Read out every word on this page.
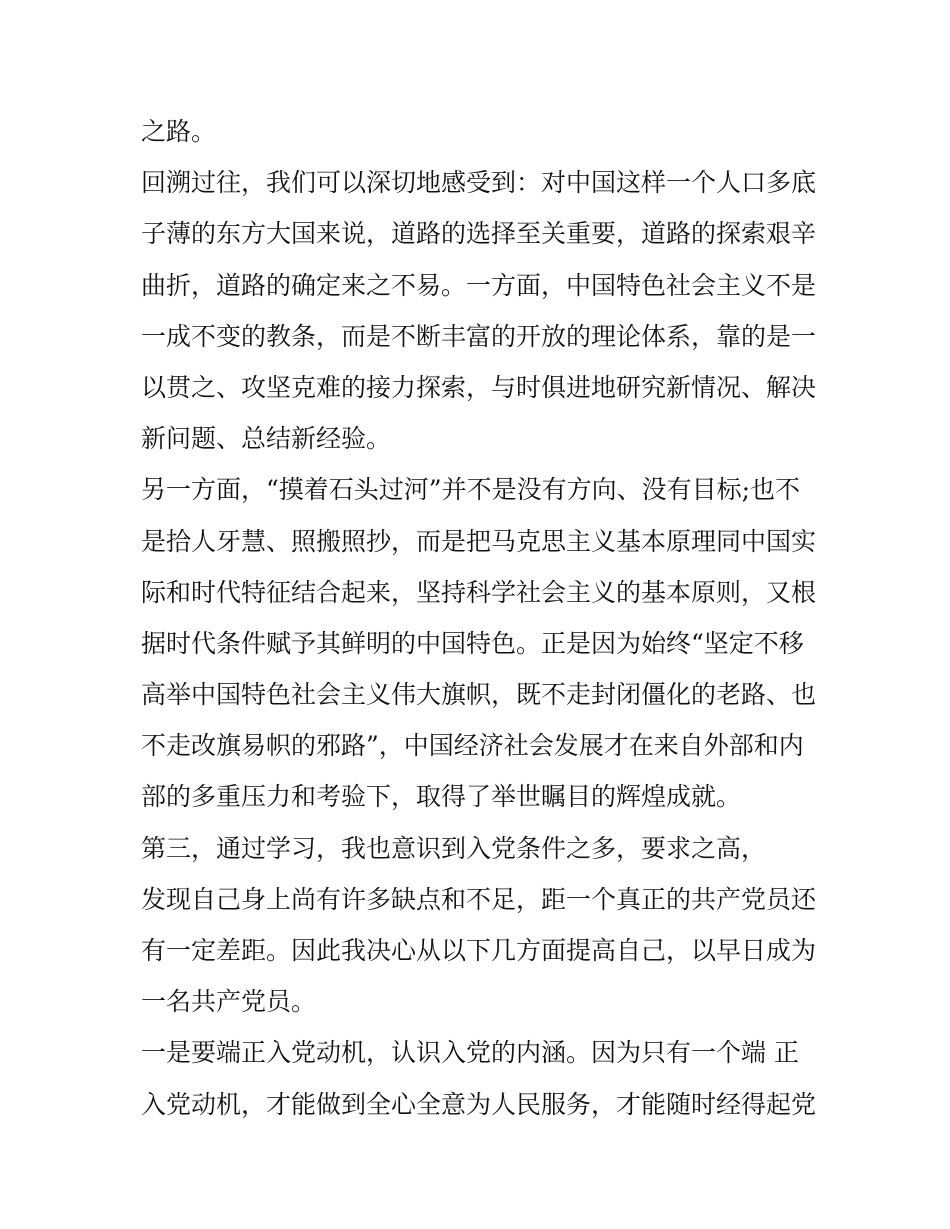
之路。
回溯过往，我们可以深切地感受到：对中国这样一个人口多底
子薄的东方大国来说，道路的选择至关重要，道路的探索艰辛
曲折，道路的确定来之不易。一方面，中国特色社会主义不是
一成不变的教条，而是不断丰富的开放的理论体系，靠的是一
以贯之、攻坚克难的接力探索，与时俱进地研究新情况、解决
新问题、总结新经验。
另一方面，“摸着石头过河”并不是没有方向、没有目标;也不
是拾人牙慧、照搬照抄，而是把马克思主义基本原理同中国实
际和时代特征结合起来，坚持科学社会主义的基本原则，又根
据时代条件赋予其鲜明的中国特色。正是因为始终“坚定不移
高举中国特色社会主义伟大旗帜，既不走封闭僵化的老路、也
不走改旗易帜的邪路”，中国经济社会发展才在来自外部和内
部的多重压力和考验下，取得了举世瞩目的辉煌成就。
第三，通过学习，我也意识到入党条件之多，要求之高，
发现自己身上尚有许多缺点和不足，距一个真正的共产党员还
有一定差距。因此我决心从以下几方面提高自己，以早日成为
一名共产党员。
一是要端正入党动机，认识入党的内涵。因为只有一个端 正
入党动机，才能做到全心全意为人民服务，才能随时经得起党
